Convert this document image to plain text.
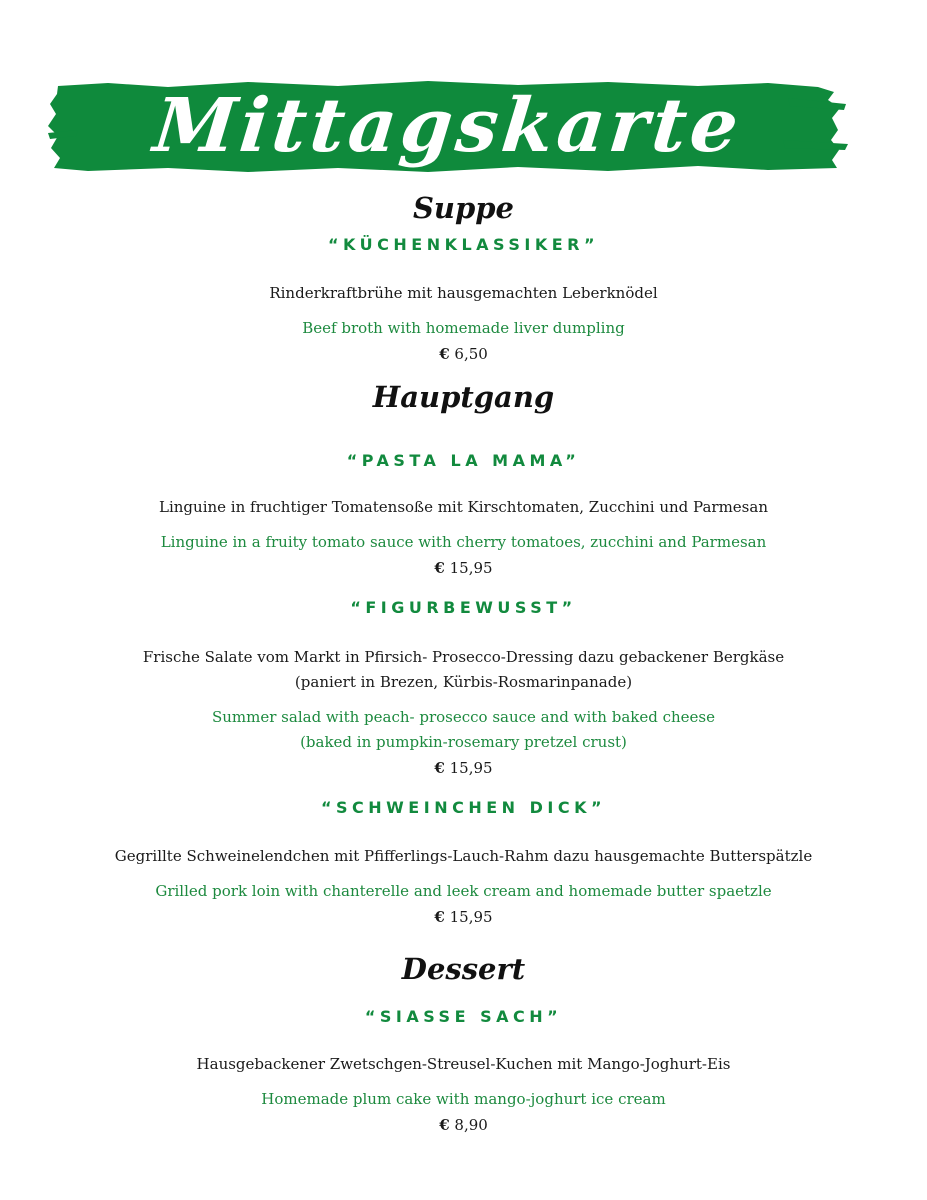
Mittagskarte
Suppe
“KÜCHENKLASSIKER”
Rinderkraftbrühe mit hausgemachten Leberknödel
Beef broth with homemade liver dumpling
€ 6,50
Hauptgang
“PASTA LA MAMA”
Linguine in fruchtiger Tomatensoße mit Kirschtomaten, Zucchini und Parmesan
Linguine in a fruity tomato sauce with cherry tomatoes, zucchini and Parmesan
€ 15,95
“FIGURBEWUSST”
Frische Salate vom Markt in Pfirsich- Prosecco-Dressing dazu gebackener Bergkäse
(paniert in Brezen, Kürbis-Rosmarinpanade)
Summer salad with peach- prosecco sauce and with baked cheese
(baked in pumpkin-rosemary pretzel crust)
€ 15,95
“SCHWEINCHEN DICK”
Gegrillte Schweinelendchen mit Pfifferlings-Lauch-Rahm dazu hausgemachte Butterspätzle
Grilled pork loin with chanterelle and leek cream and homemade butter spaetzle
€ 15,95
Dessert
“SIASSE SACH”
Hausgebackener Zwetschgen-Streusel-Kuchen mit Mango-Joghurt-Eis
Homemade plum cake with mango-joghurt ice cream
€ 8,90
